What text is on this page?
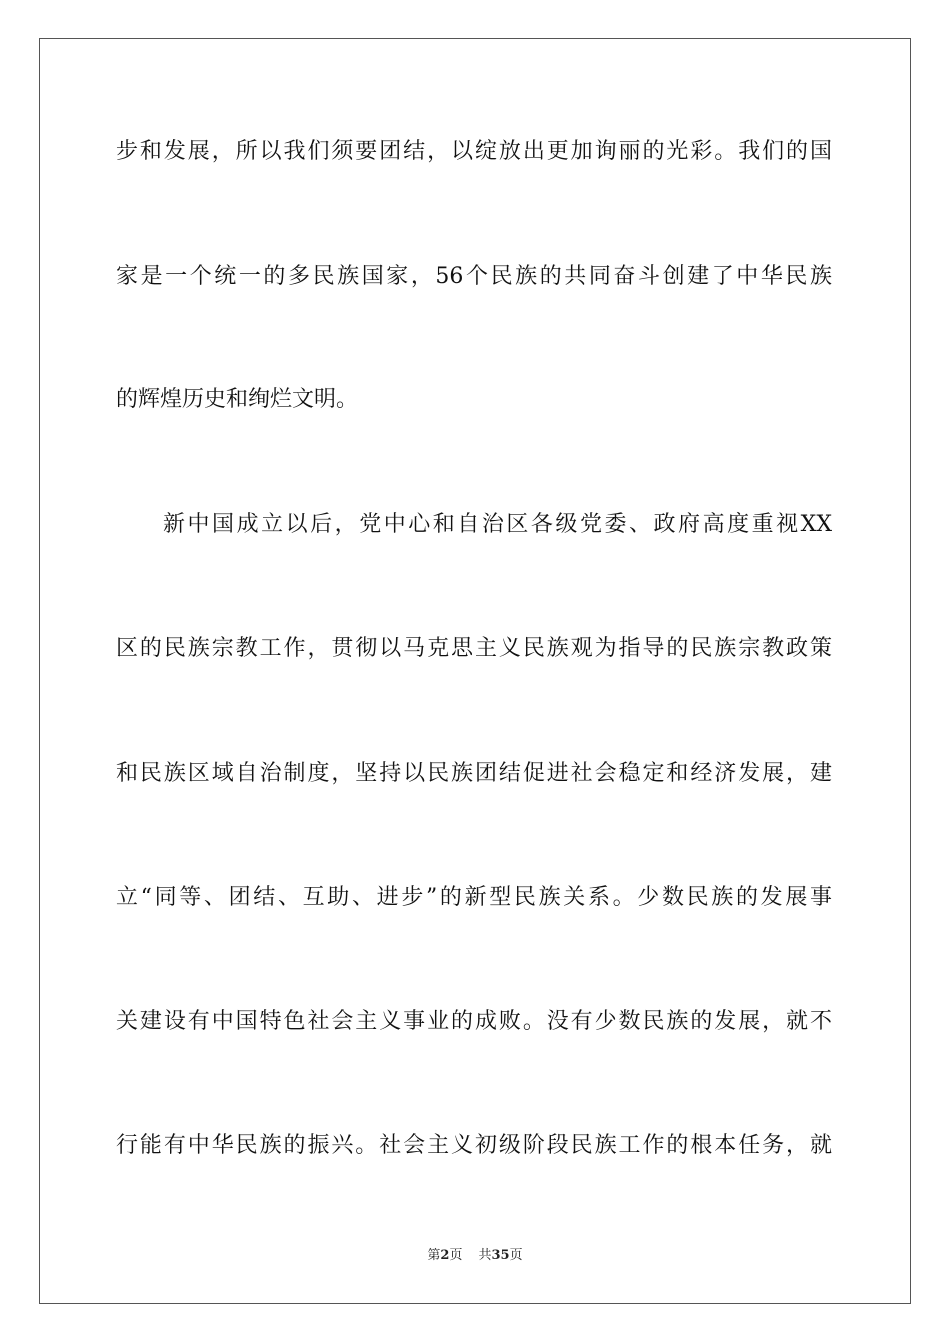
步和发展，所以我们须要团结，以绽放出更加询丽的光彩。我们的国
家是一个统一的多民族国家，56个民族的共同奋斗创建了中华民族
的辉煌历史和绚烂文明。
新中国成立以后，党中心和自治区各级党委、政府高度重视XX
区的民族宗教工作，贯彻以马克思主义民族观为指导的民族宗教政策
和民族区域自治制度，坚持以民族团结促进社会稳定和经济发展，建
立“同等、团结、互助、进步”的新型民族关系。少数民族的发展事
关建设有中国特色社会主义事业的成败。没有少数民族的发展，就不
行能有中华民族的振兴。社会主义初级阶段民族工作的根本任务，就
第2页 共35页
